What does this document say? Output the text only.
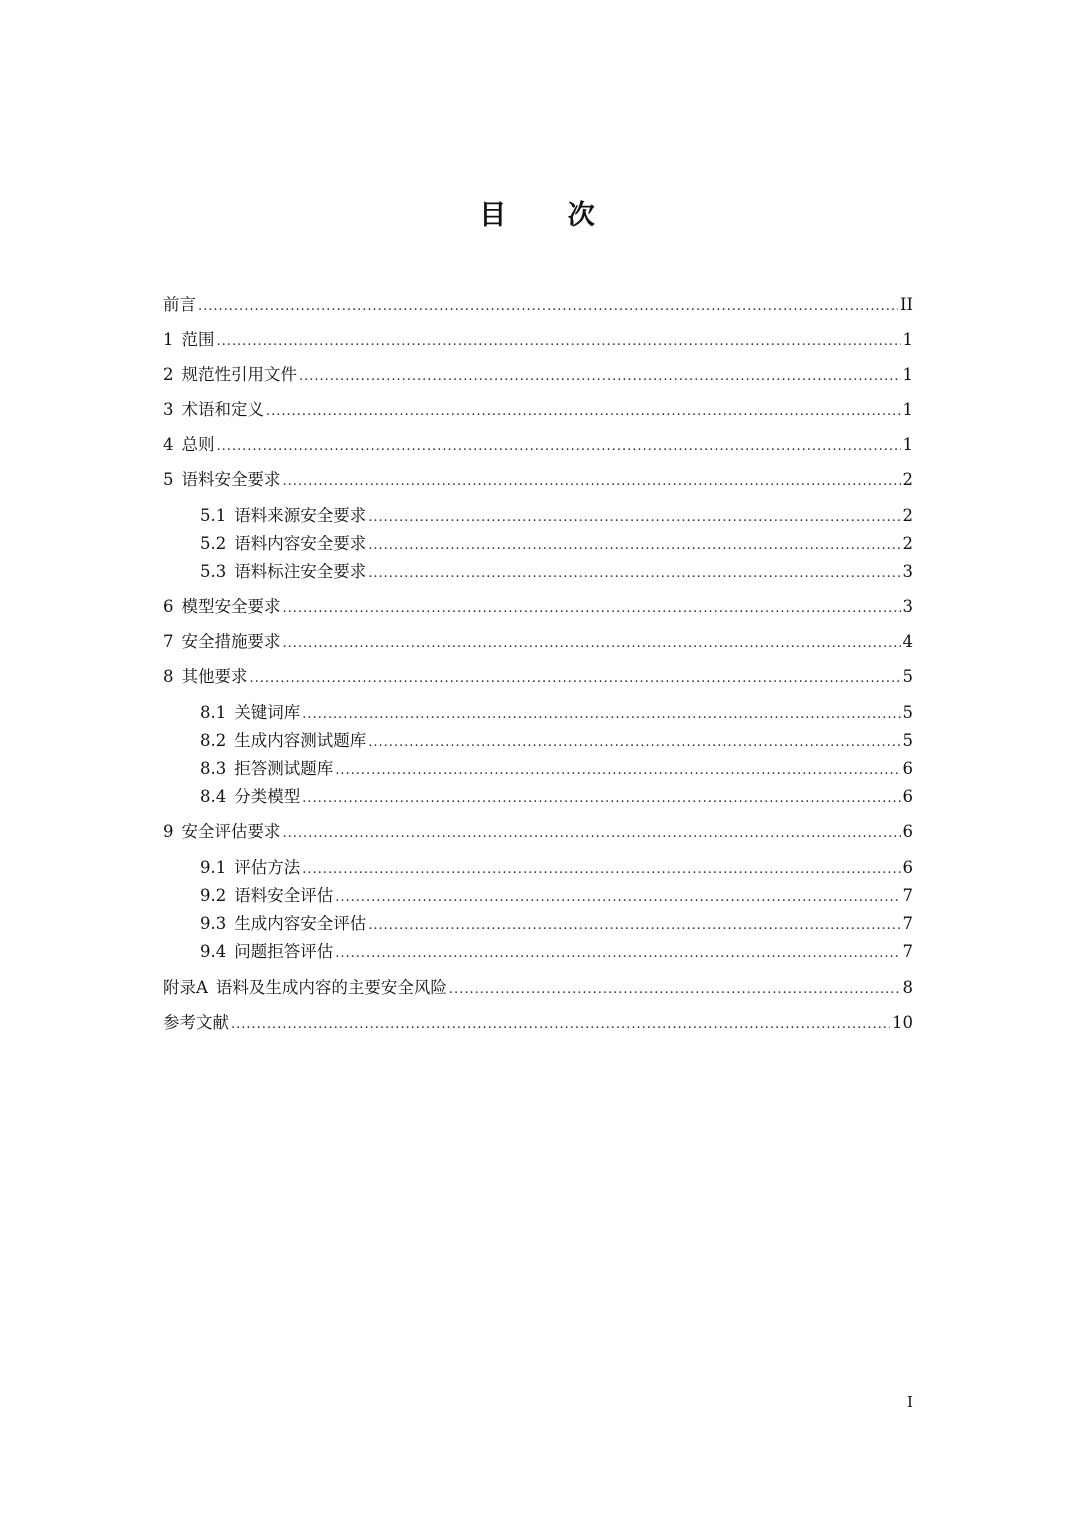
目 次
前言 .....	II
1 范围 .....	1
2 规范性引用文件 .....	1
3 术语和定义 .....	1
4 总则 .....	1
5 语料安全要求 .....	2
5.1 语料来源安全要求 .....	2
5.2 语料内容安全要求 .....	2
5.3 语料标注安全要求 .....	3
6 模型安全要求 .....	3
7 安全措施要求 .....	4
8 其他要求 .....	5
8.1 关键词库 .....	5
8.2 生成内容测试题库 .....	5
8.3 拒答测试题库 .....	6
8.4 分类模型 .....	6
9 安全评估要求 .....	6
9.1 评估方法 .....	6
9.2 语料安全评估 .....	7
9.3 生成内容安全评估 .....	7
9.4 问题拒答评估 .....	7
附录A 语料及生成内容的主要安全风险 .....	8
参考文献 .....	10
I
